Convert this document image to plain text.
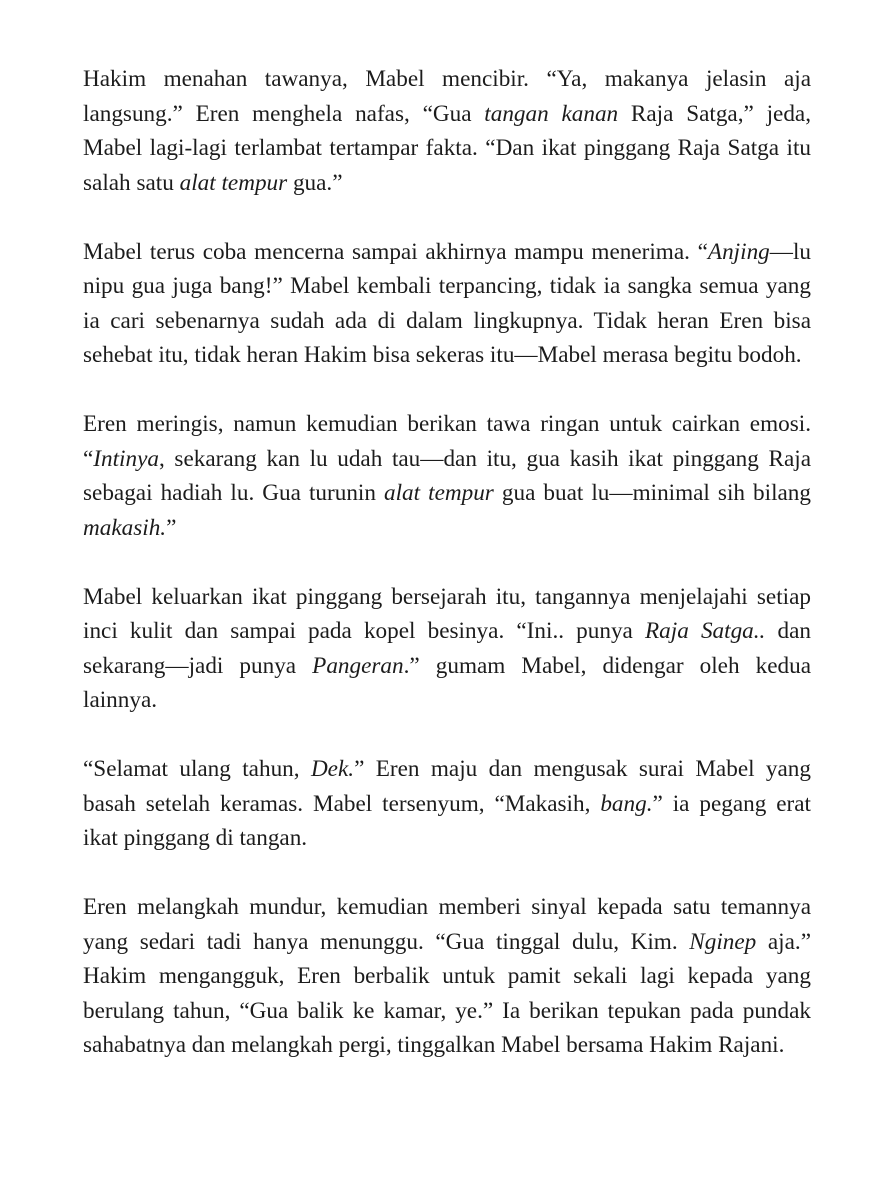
Hakim menahan tawanya, Mabel mencibir. “Ya, makanya jelasin aja langsung.” Eren menghela nafas, “Gua tangan kanan Raja Satga,” jeda, Mabel lagi-lagi terlambat tertampar fakta. “Dan ikat pinggang Raja Satga itu salah satu alat tempur gua.”

Mabel terus coba mencerna sampai akhirnya mampu menerima. “Anjing—lu nipu gua juga bang!” Mabel kembali terpancing, tidak ia sangka semua yang ia cari sebenarnya sudah ada di dalam lingkupnya. Tidak heran Eren bisa sehebat itu, tidak heran Hakim bisa sekeras itu—Mabel merasa begitu bodoh.

Eren meringis, namun kemudian berikan tawa ringan untuk cairkan emosi. “Intinya, sekarang kan lu udah tau—dan itu, gua kasih ikat pinggang Raja sebagai hadiah lu. Gua turunin alat tempur gua buat lu—minimal sih bilang makasih.”

Mabel keluarkan ikat pinggang bersejarah itu, tangannya menjelajahi setiap inci kulit dan sampai pada kopel besinya. “Ini.. punya Raja Satga.. dan sekarang—jadi punya Pangeran.” gumam Mabel, didengar oleh kedua lainnya.

“Selamat ulang tahun, Dek.” Eren maju dan mengusak surai Mabel yang basah setelah keramas. Mabel tersenyum, “Makasih, bang.” ia pegang erat ikat pinggang di tangan.

Eren melangkah mundur, kemudian memberi sinyal kepada satu temannya yang sedari tadi hanya menunggu. “Gua tinggal dulu, Kim. Nginep aja.” Hakim mengangguk, Eren berbalik untuk pamit sekali lagi kepada yang berulang tahun, “Gua balik ke kamar, ye.” Ia berikan tepukan pada pundak sahabatnya dan melangkah pergi, tinggalkan Mabel bersama Hakim Rajani.
